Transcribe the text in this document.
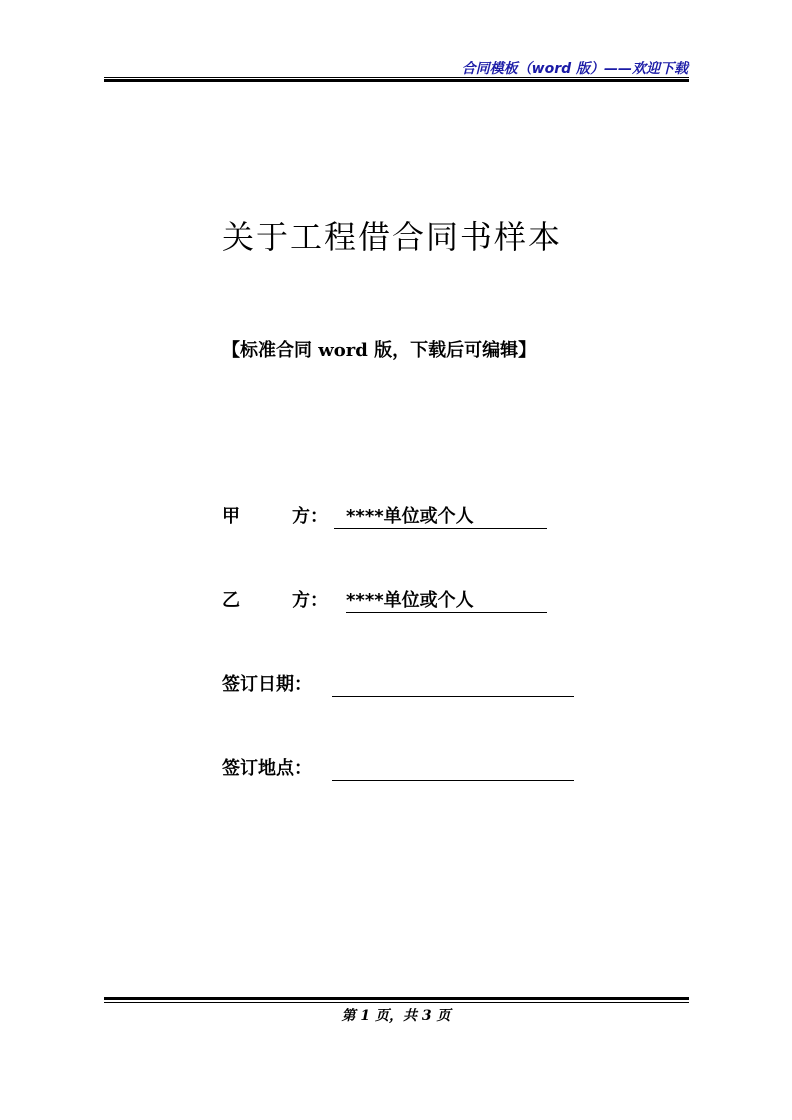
合同模板（word 版）——欢迎下载
关于工程借合同书样本
【标准合同 word 版，下载后可编辑】
甲	方： ****单位或个人
乙	方： ****单位或个人
签订日期：
签订地点：
第 1 页，共 3 页
